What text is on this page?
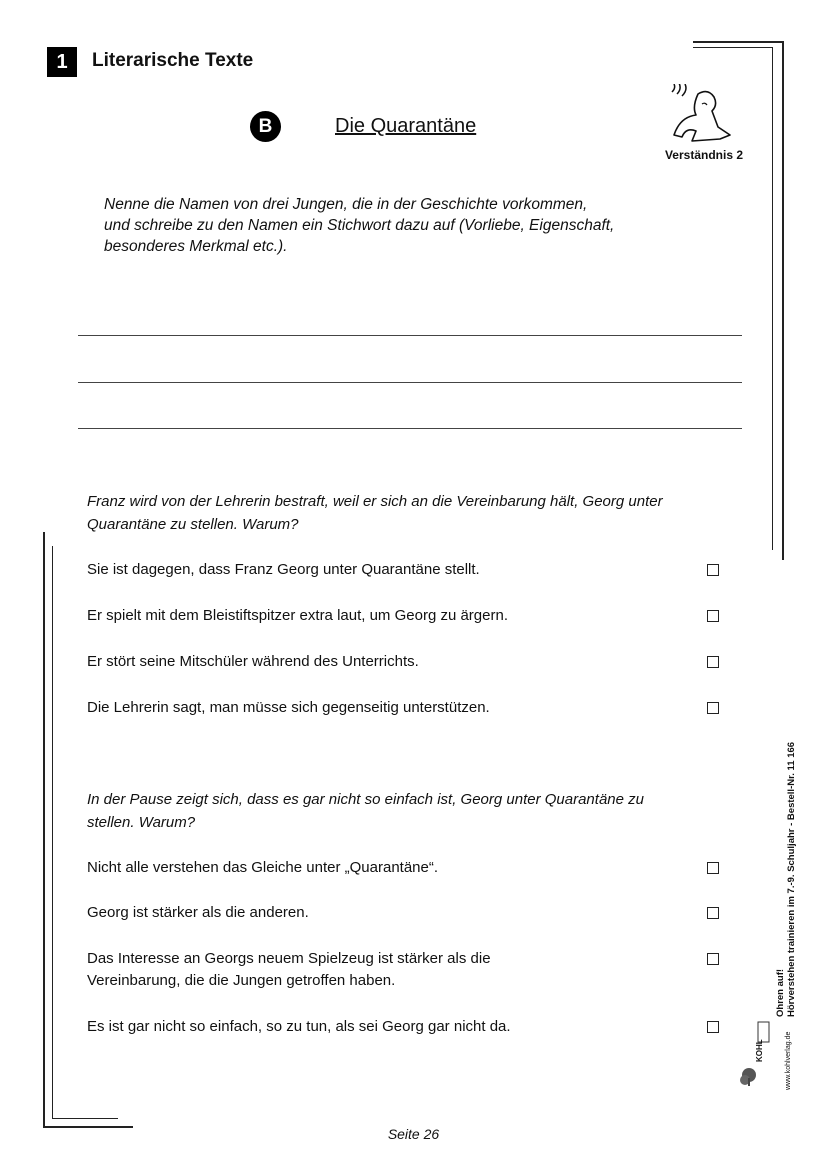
1	Literarische Texte
B	Die Quarantäne
Verständnis 2
Nenne die Namen von drei Jungen, die in der Geschichte vorkommen,
und schreibe zu den Namen ein Stichwort dazu auf (Vorliebe, Eigenschaft,
besonderes Merkmal etc.).
Franz wird von der Lehrerin bestraft, weil er sich an die Vereinbarung hält, Georg unter
Quarantäne zu stellen. Warum?
Sie ist dagegen, dass Franz Georg unter Quarantäne stellt.
Er spielt mit dem Bleistiftspitzer extra laut, um Georg zu ärgern.
Er stört seine Mitschüler während des Unterrichts.
Die Lehrerin sagt, man müsse sich gegenseitig unterstützen.
In der Pause zeigt sich, dass es gar nicht so einfach ist, Georg unter Quarantäne zu
stellen. Warum?
Nicht alle verstehen das Gleiche unter „Quarantäne“.
Georg ist stärker als die anderen.
Das Interesse an Georgs neuem Spielzeug ist stärker als die
Vereinbarung, die die Jungen getroffen haben.
Es ist gar nicht so einfach, so zu tun, als sei Georg gar nicht da.
Ohren auf! Hörverstehen trainieren im 7.-9. Schuljahr - Bestell-Nr. 11 166
www.kohlverlag.de
KOHL
Seite 26
